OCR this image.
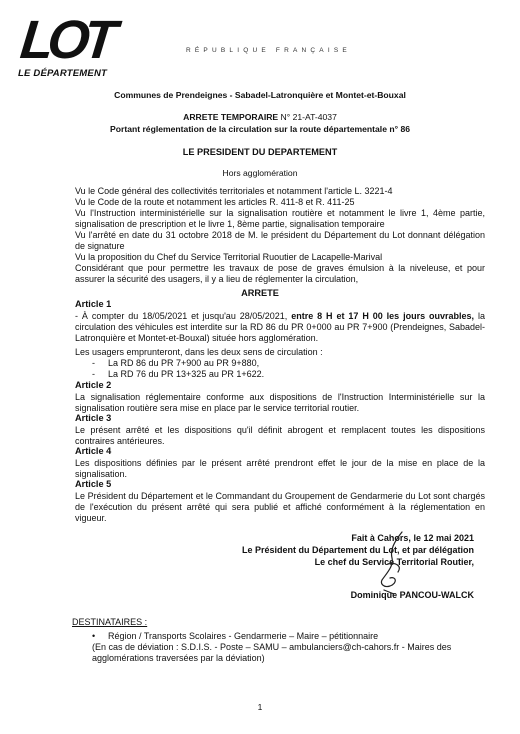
LOT
LE DÉPARTEMENT
RÉPUBLIQUE FRANÇAISE
Communes de Prendeignes - Sabadel-Latronquière et Montet-et-Bouxal
ARRETE TEMPORAIRE N° 21-AT-4037
Portant réglementation de la circulation sur la route départementale n° 86
LE PRESIDENT DU DEPARTEMENT
Hors agglomération
Vu le Code général des collectivités territoriales et notamment l'article L. 3221-4
Vu le Code de la route et notamment les articles R. 411-8 et R. 411-25
Vu l'Instruction interministérielle sur la signalisation routière et notamment le livre 1, 4ème partie, signalisation de prescription et le livre 1, 8ème partie, signalisation temporaire
Vu l'arrêté en date du 31 octobre 2018 de M. le président du Département du Lot donnant délégation de signature
Vu la proposition du Chef du Service Territorial Ruoutier de Lacapelle-Marival
Considérant que pour permettre les travaux de pose de graves émulsion à la niveleuse, et pour assurer la sécurité des usagers, il y a lieu de réglementer la circulation,
ARRETE
Article 1
- À compter du 18/05/2021 et jusqu'au 28/05/2021, entre 8 H et 17 H 00 les jours ouvrables, la circulation des véhicules est interdite sur la RD 86 du PR 0+000 au PR 7+900 (Prendeignes, Sabadel-Latronquière et Montet-et-Bouxal) située hors agglomération.
Les usagers emprunteront, dans les deux sens de circulation :
- La RD 86 du PR 7+900 au PR 9+880,
- La RD 76 du PR 13+325 au PR 1+622.
Article 2
La signalisation réglementaire conforme aux dispositions de l'Instruction Interministérielle sur la signalisation routière sera mise en place par le service territorial routier.
Article 3
Le présent arrêté et les dispositions qu'il définit abrogent et remplacent toutes les dispositions contraires antérieures.
Article 4
Les dispositions définies par le présent arrêté prendront effet le jour de la mise en place de la signalisation.
Article 5
Le Président du Département et le Commandant du Groupement de Gendarmerie du Lot sont chargés de l'exécution du présent arrêté qui sera publié et affiché conformément à la réglementation en vigueur.
Fait à Cahors, le 12 mai 2021
Le Président du Département du Lot, et par délégation
Le chef du Service Territorial Routier,
Dominique PANCOU-WALCK
DESTINATAIRES :
• Région / Transports Scolaires - Gendarmerie – Maire – pétitionnaire
(En cas de déviation : S.D.I.S. - Poste – SAMU – ambulanciers@ch-cahors.fr - Maires des agglomérations traversées par la déviation)
1
